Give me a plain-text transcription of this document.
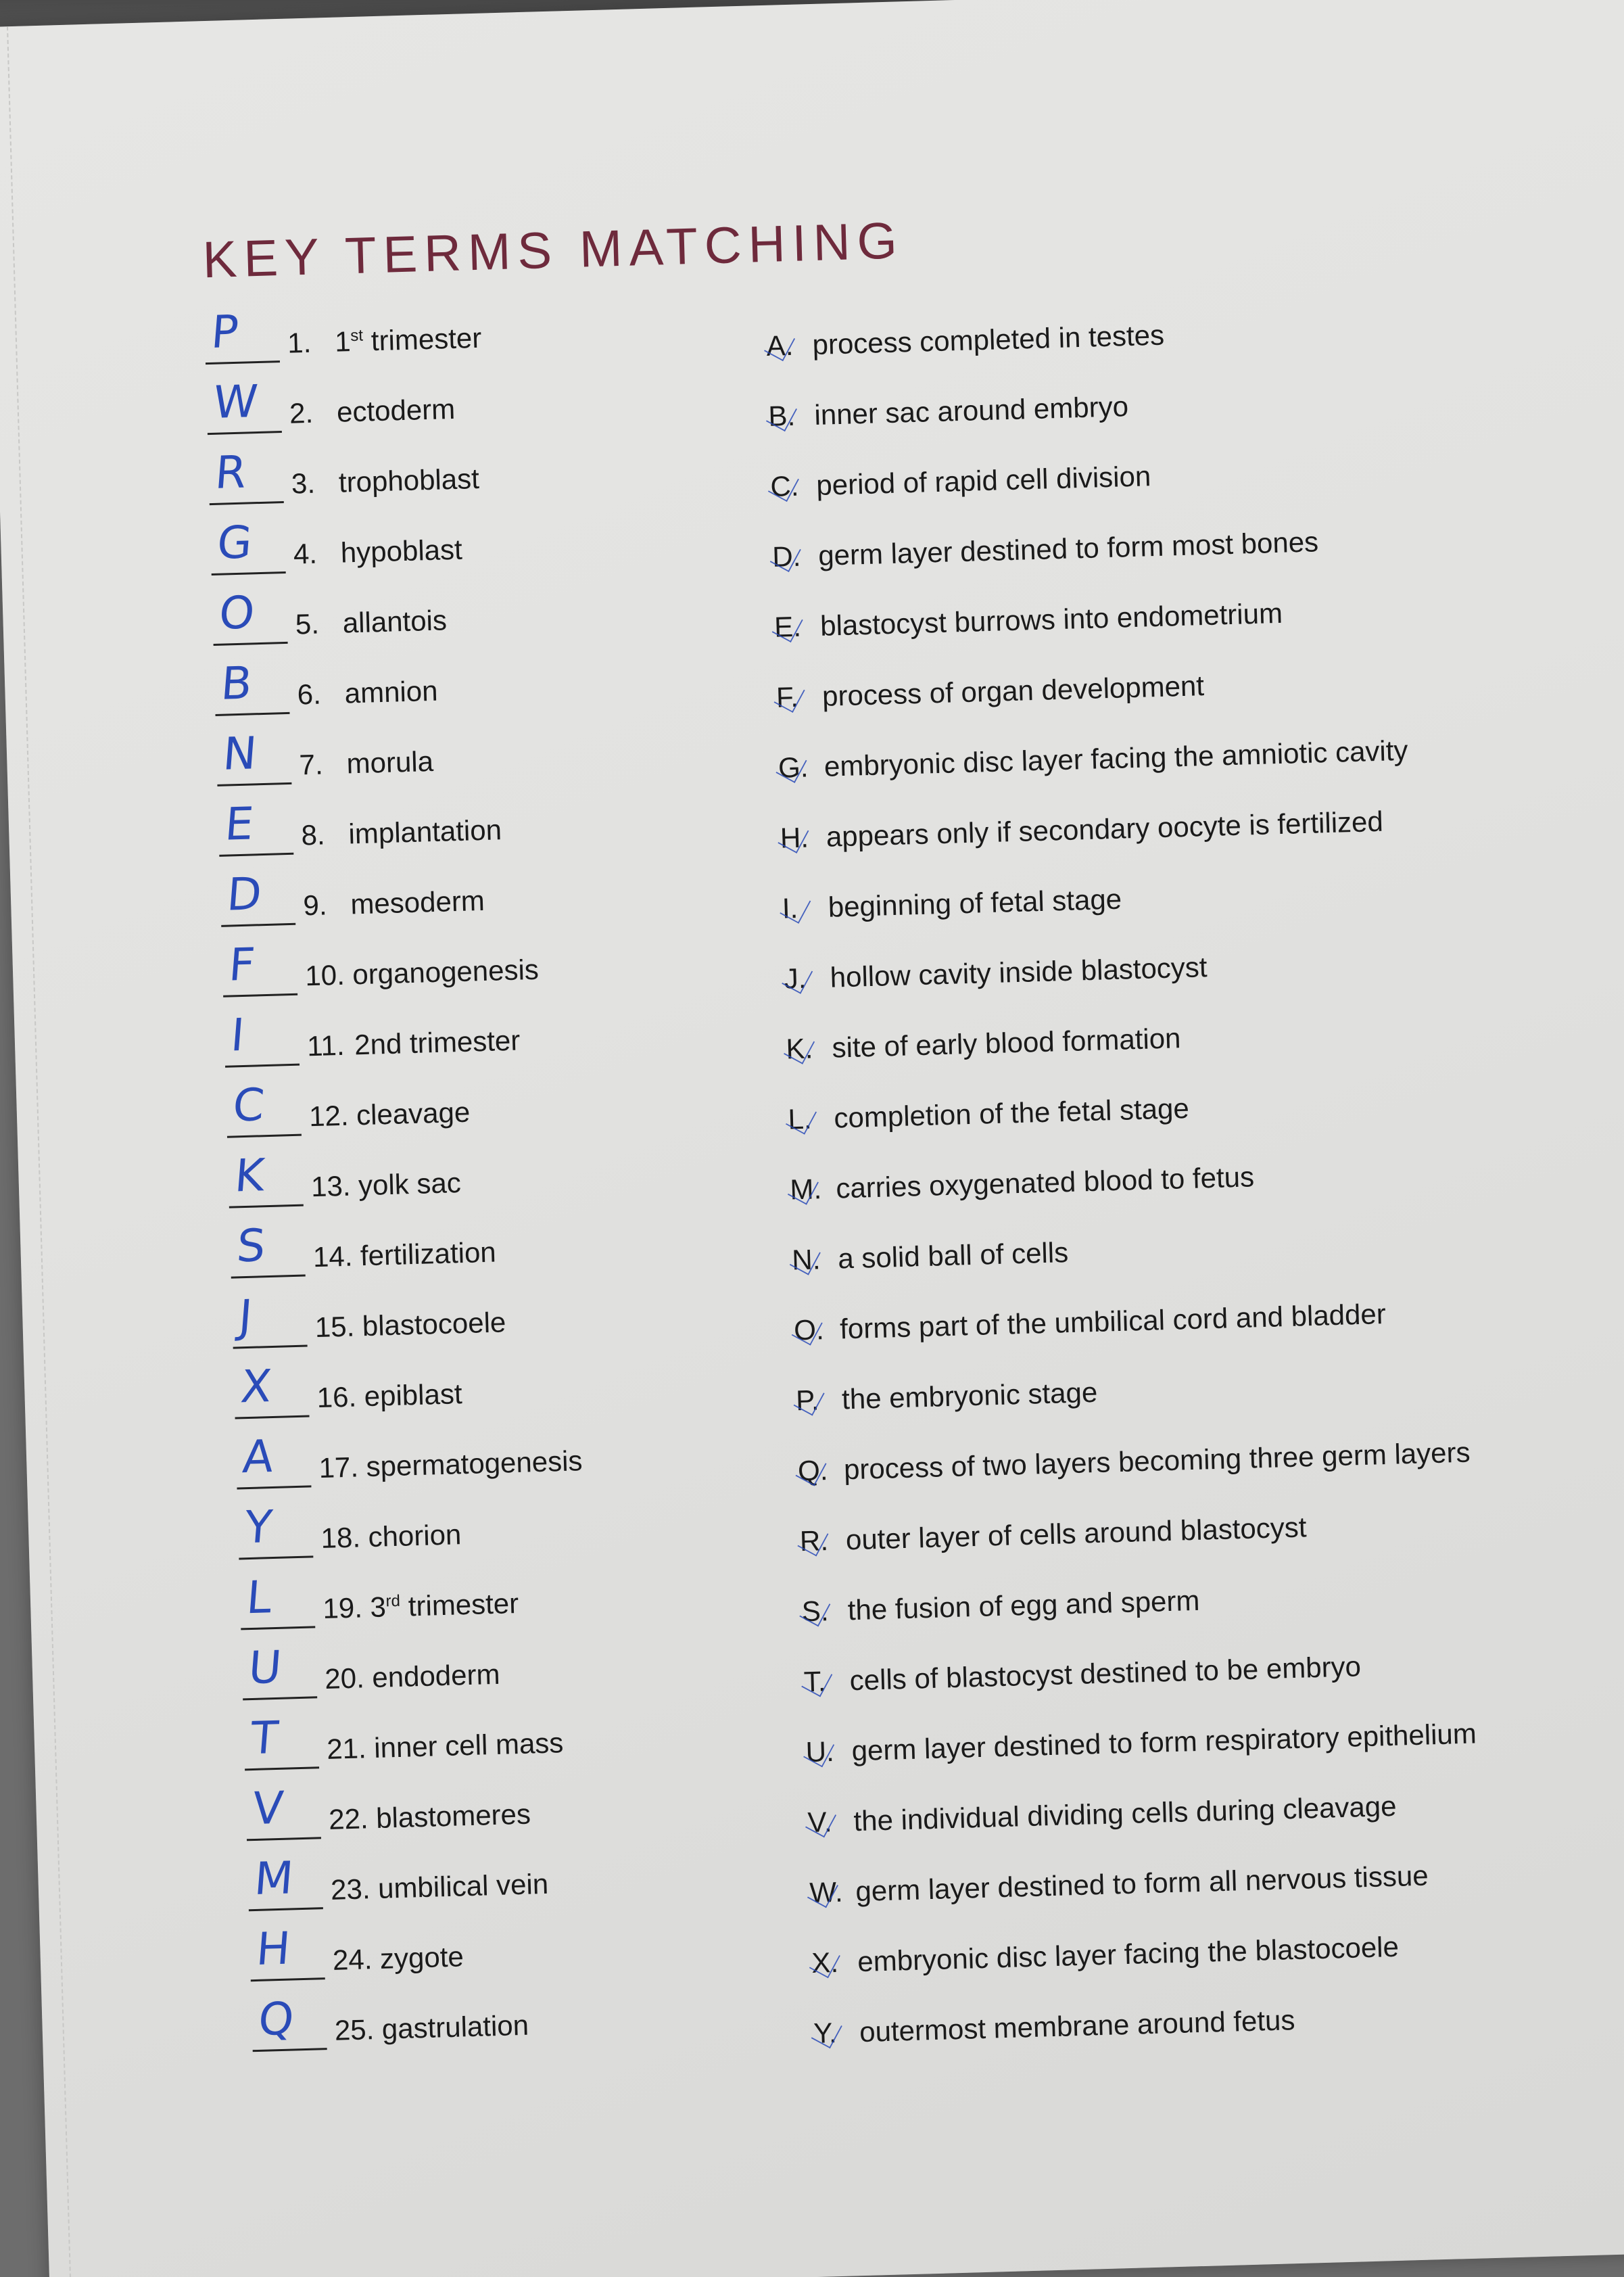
KEY TERMS MATCHING
P 1. 1st trimester
W 2. ectoderm
R 3. trophoblast
G 4. hypoblast
O 5. allantois
B 6. amnion
N 7. morula
E 8. implantation
D 9. mesoderm
F 10. organogenesis
I 11. 2nd trimester
C 12. cleavage
K 13. yolk sac
S 14. fertilization
J 15. blastocoele
X 16. epiblast
A 17. spermatogenesis
Y 18. chorion
L 19. 3rd trimester
U 20. endoderm
T 21. inner cell mass
V 22. blastomeres
M 23. umbilical vein
H 24. zygote
Q 25. gastrulation
A. process completed in testes
B. inner sac around embryo
C. period of rapid cell division
D. germ layer destined to form most bones
E. blastocyst burrows into endometrium
F. process of organ development
G. embryonic disc layer facing the amniotic cavity
H. appears only if secondary oocyte is fertilized
I. beginning of fetal stage
J. hollow cavity inside blastocyst
K. site of early blood formation
L. completion of the fetal stage
M. carries oxygenated blood to fetus
N. a solid ball of cells
O. forms part of the umbilical cord and bladder
P. the embryonic stage
Q. process of two layers becoming three germ layers
R. outer layer of cells around blastocyst
S. the fusion of egg and sperm
T. cells of blastocyst destined to be embryo
U. germ layer destined to form respiratory epithelium
V. the individual dividing cells during cleavage
W. germ layer destined to form all nervous tissue
X. embryonic disc layer facing the blastocoele
Y. outermost membrane around fetus
